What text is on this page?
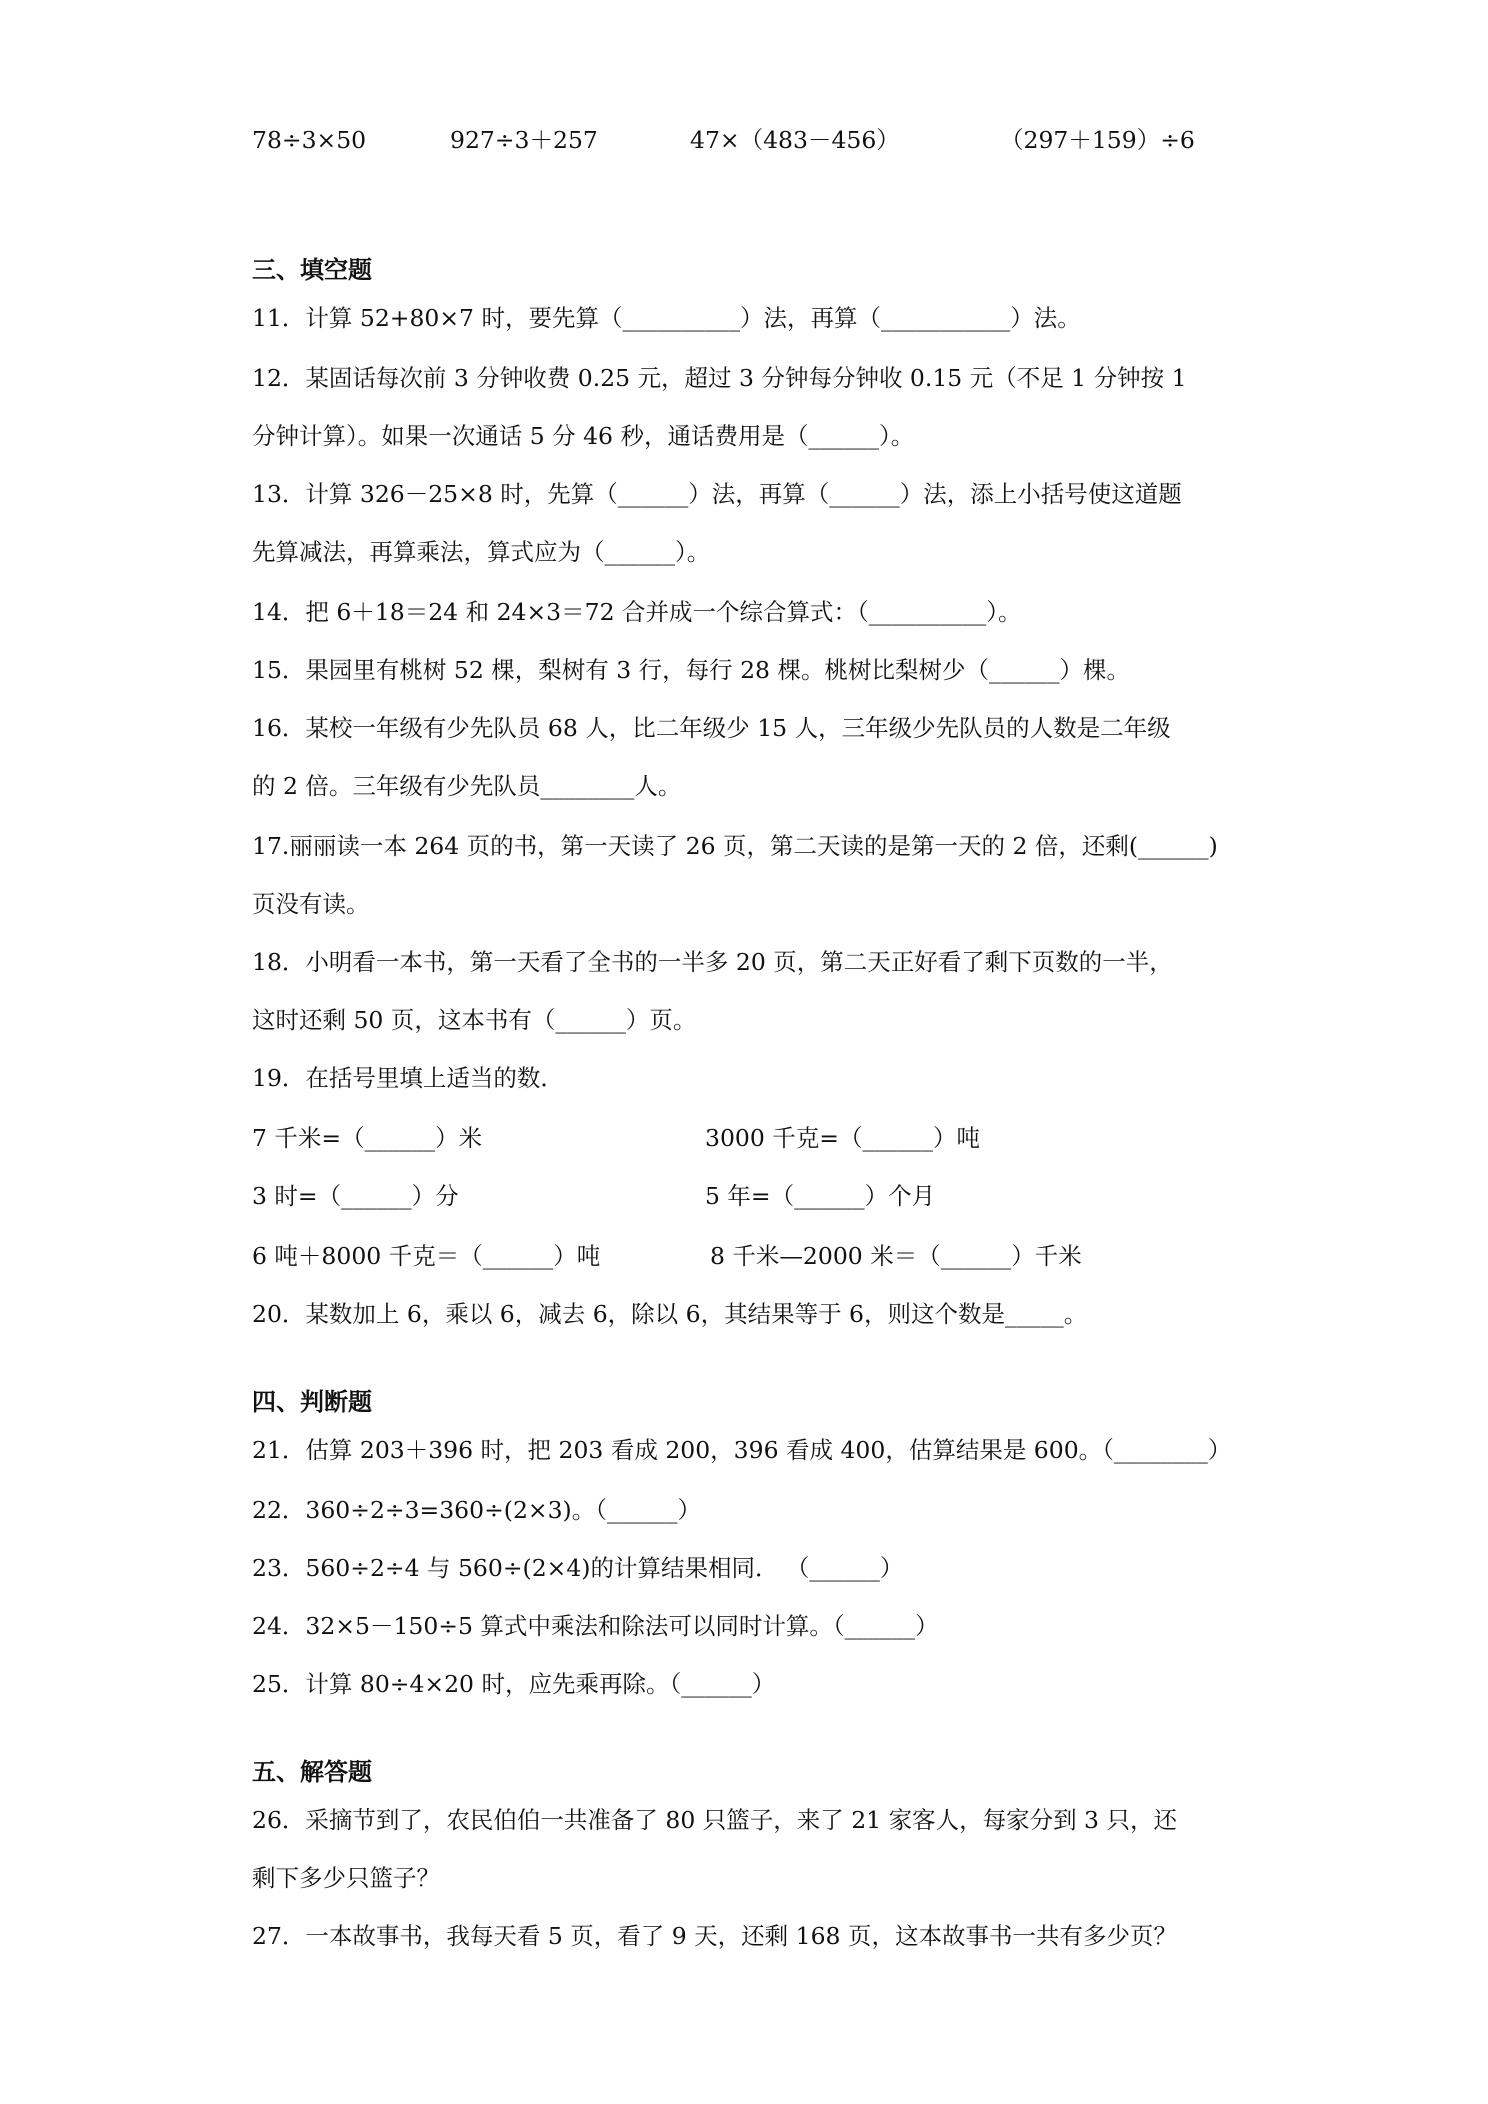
78÷3×50	927÷3＋257	47×（483－456）	（297＋159）÷6
三、填空题
11．计算 52+80×7 时，要先算（__________）法，再算（___________）法。
12．某固话每次前 3 分钟收费 0.25 元，超过 3 分钟每分钟收 0.15 元（不足 1 分钟按 1
分钟计算）。如果一次通话 5 分 46 秒，通话费用是（______）。
13．计算 326－25×8 时，先算（______）法，再算（______）法，添上小括号使这道题
先算减法，再算乘法，算式应为（______）。
14．把 6＋18＝24 和 24×3＝72 合并成一个综合算式：（__________）。
15．果园里有桃树 52 棵，梨树有 3 行，每行 28 棵。桃树比梨树少（______）棵。
16．某校一年级有少先队员 68 人，比二年级少 15 人，三年级少先队员的人数是二年级
的 2 倍。三年级有少先队员________人。
17.丽丽读一本 264 页的书，第一天读了 26 页，第二天读的是第一天的 2 倍，还剩(______)
页没有读。
18．小明看一本书，第一天看了全书的一半多 20 页，第二天正好看了剩下页数的一半，
这时还剩 50 页，这本书有（______）页。
19．在括号里填上适当的数．
7 千米=（______）米	3000 千克=（______）吨
3 时=（______）分	5 年=（______）个月
6 吨＋8000 千克＝（______）吨	8 千米—2000 米＝（______）千米
20．某数加上 6，乘以 6，减去 6，除以 6，其结果等于 6，则这个数是_____。
四、判断题
21．估算 203＋396 时，把 203 看成 200，396 看成 400，估算结果是 600。（________）
22．360÷2÷3=360÷(2×3)。（______）
23．560÷2÷4 与 560÷(2×4)的计算结果相同． （______）
24．32×5－150÷5 算式中乘法和除法可以同时计算。（______）
25．计算 80÷4×20 时，应先乘再除。（______）
五、解答题
26．采摘节到了，农民伯伯一共准备了 80 只篮子，来了 21 家客人，每家分到 3 只，还
剩下多少只篮子？
27．一本故事书，我每天看 5 页，看了 9 天，还剩 168 页，这本故事书一共有多少页？
